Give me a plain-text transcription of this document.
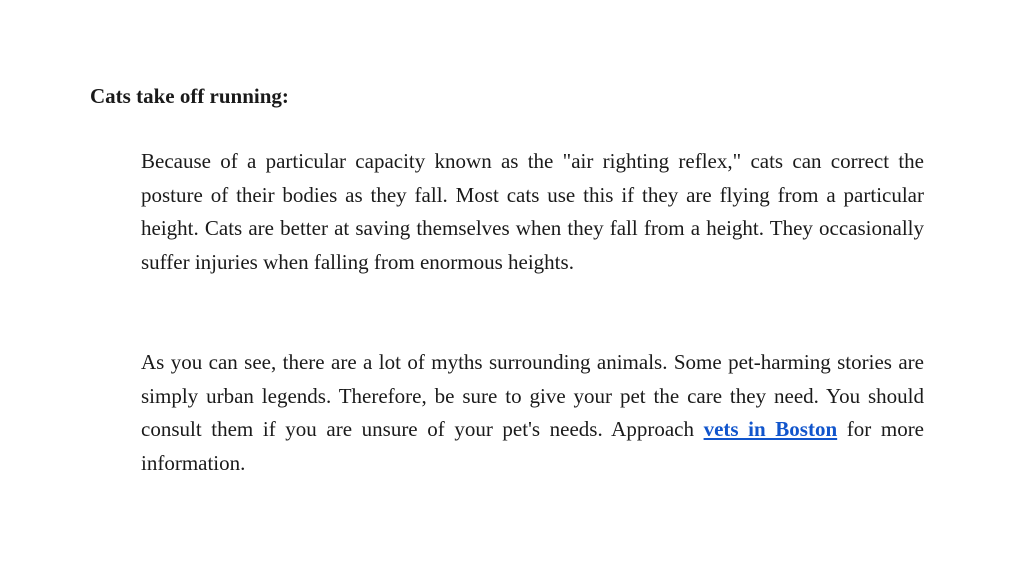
Cats take off running:

Because of a particular capacity known as the "air righting reflex," cats can correct the posture of their bodies as they fall. Most cats use this if they are flying from a particular height. Cats are better at saving themselves when they fall from a height. They occasionally suffer injuries when falling from enormous heights.

As you can see, there are a lot of myths surrounding animals. Some pet-harming stories are simply urban legends. Therefore, be sure to give your pet the care they need. You should consult them if you are unsure of your pet's needs. Approach vets in Boston for more information.
